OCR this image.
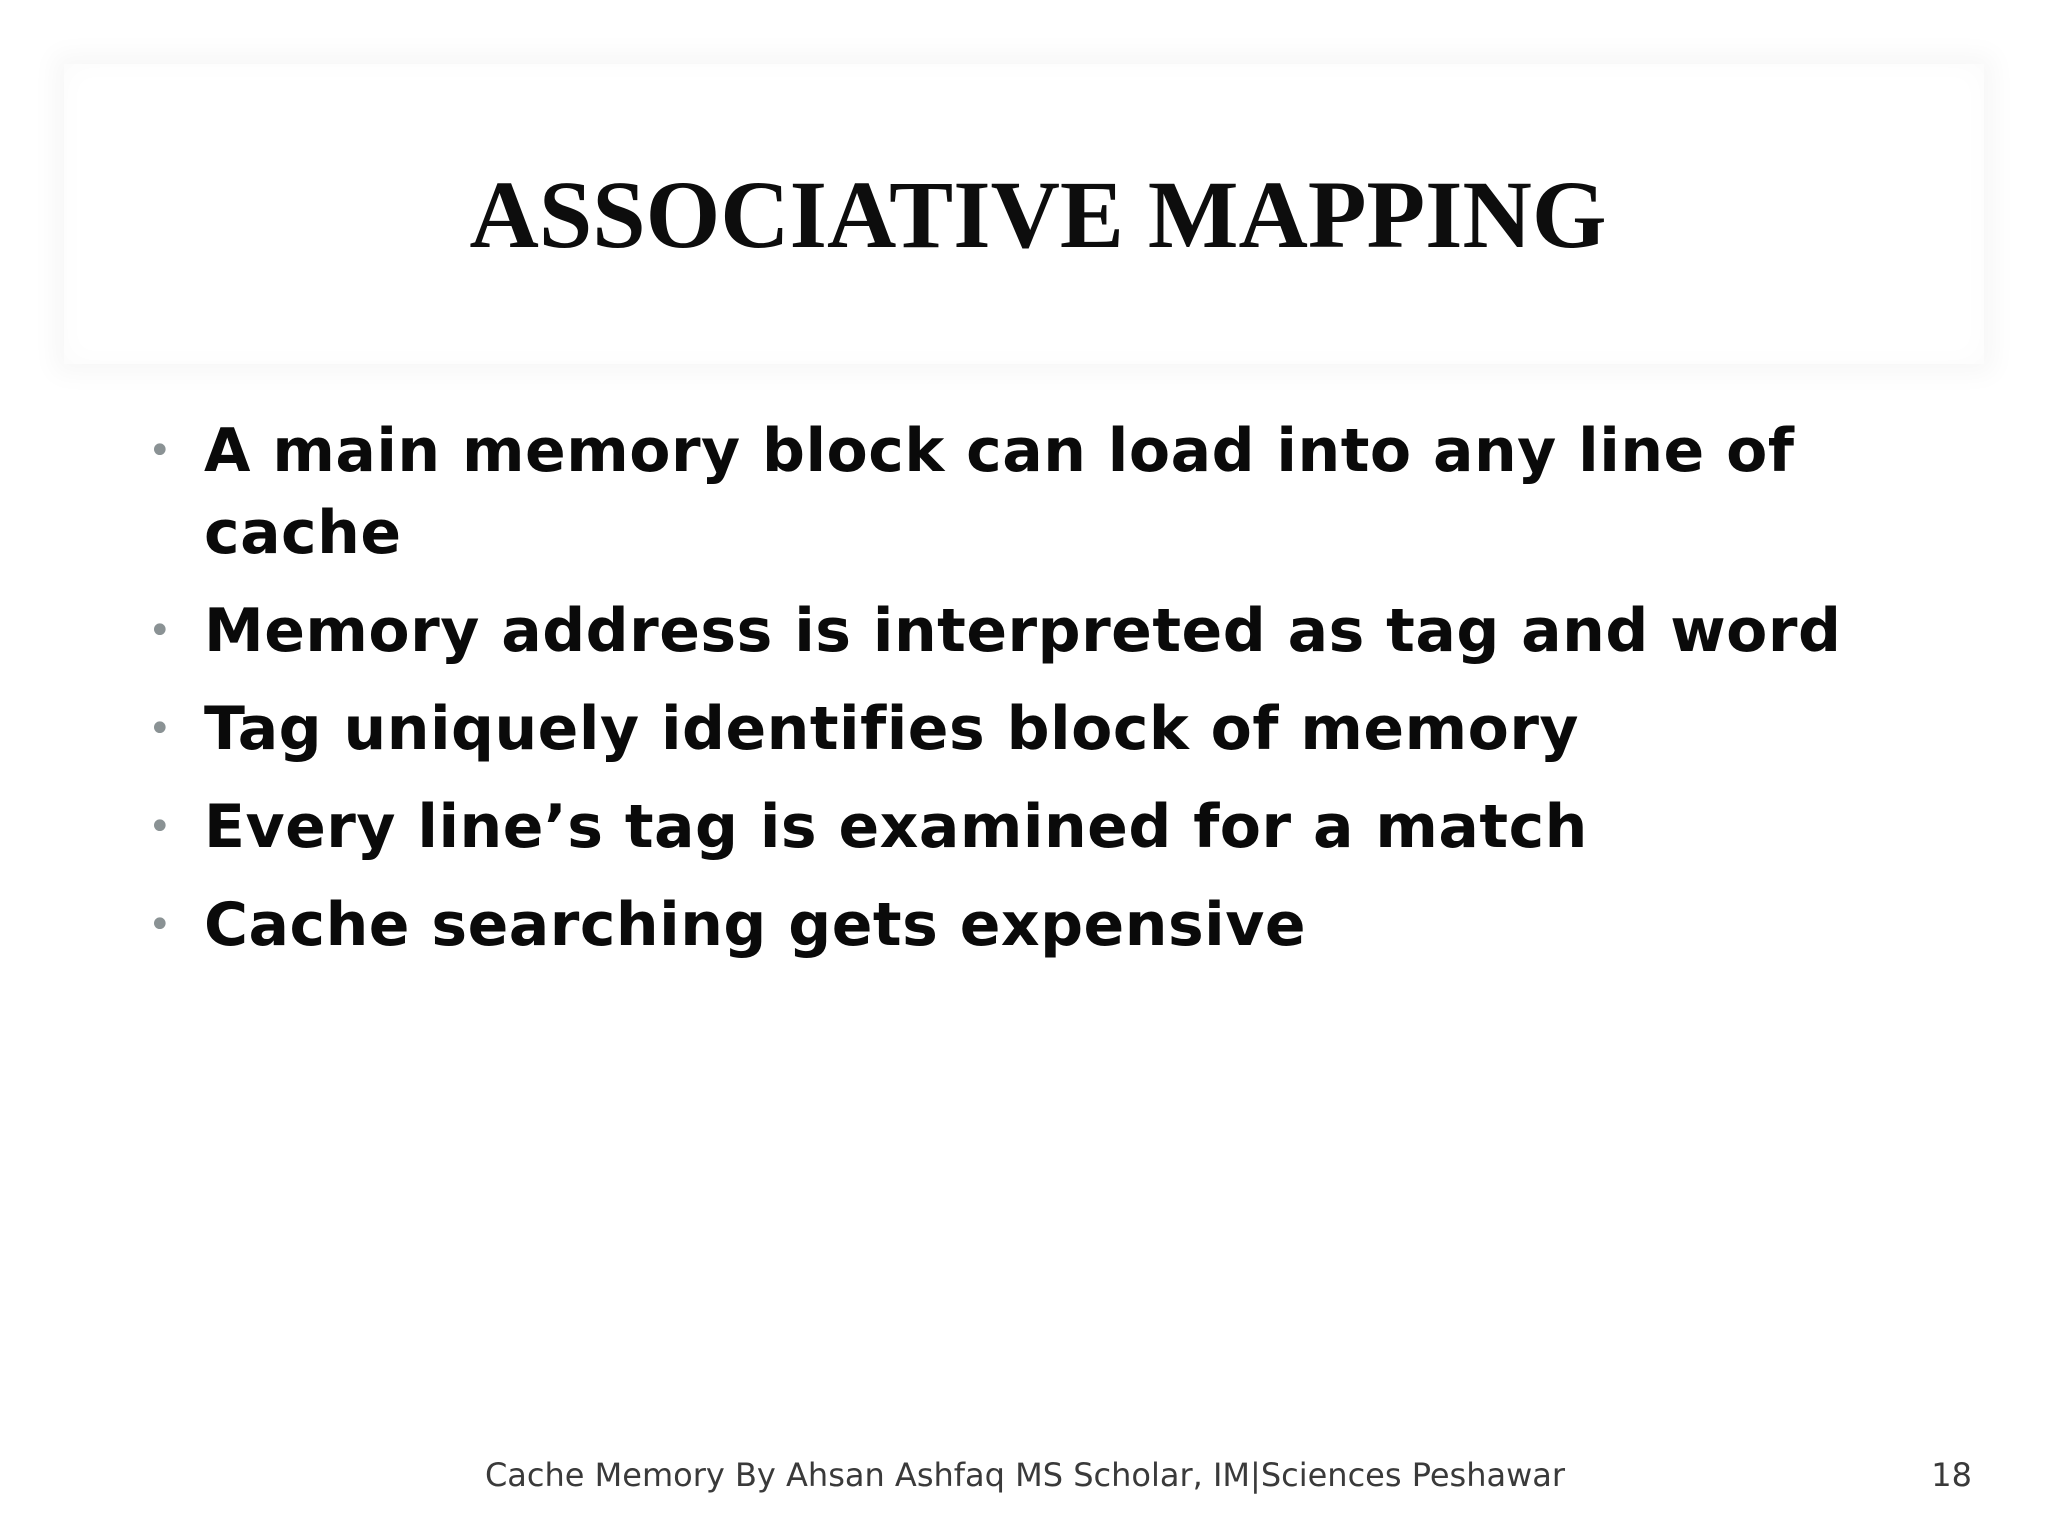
ASSOCIATIVE MAPPING
• A main memory block can load into any line of cache
• Memory address is interpreted as tag and word
• Tag uniquely identifies block of memory
• Every line’s tag is examined for a match
• Cache searching gets expensive
Cache Memory By Ahsan Ashfaq MS Scholar, IM|Sciences Peshawar	18
